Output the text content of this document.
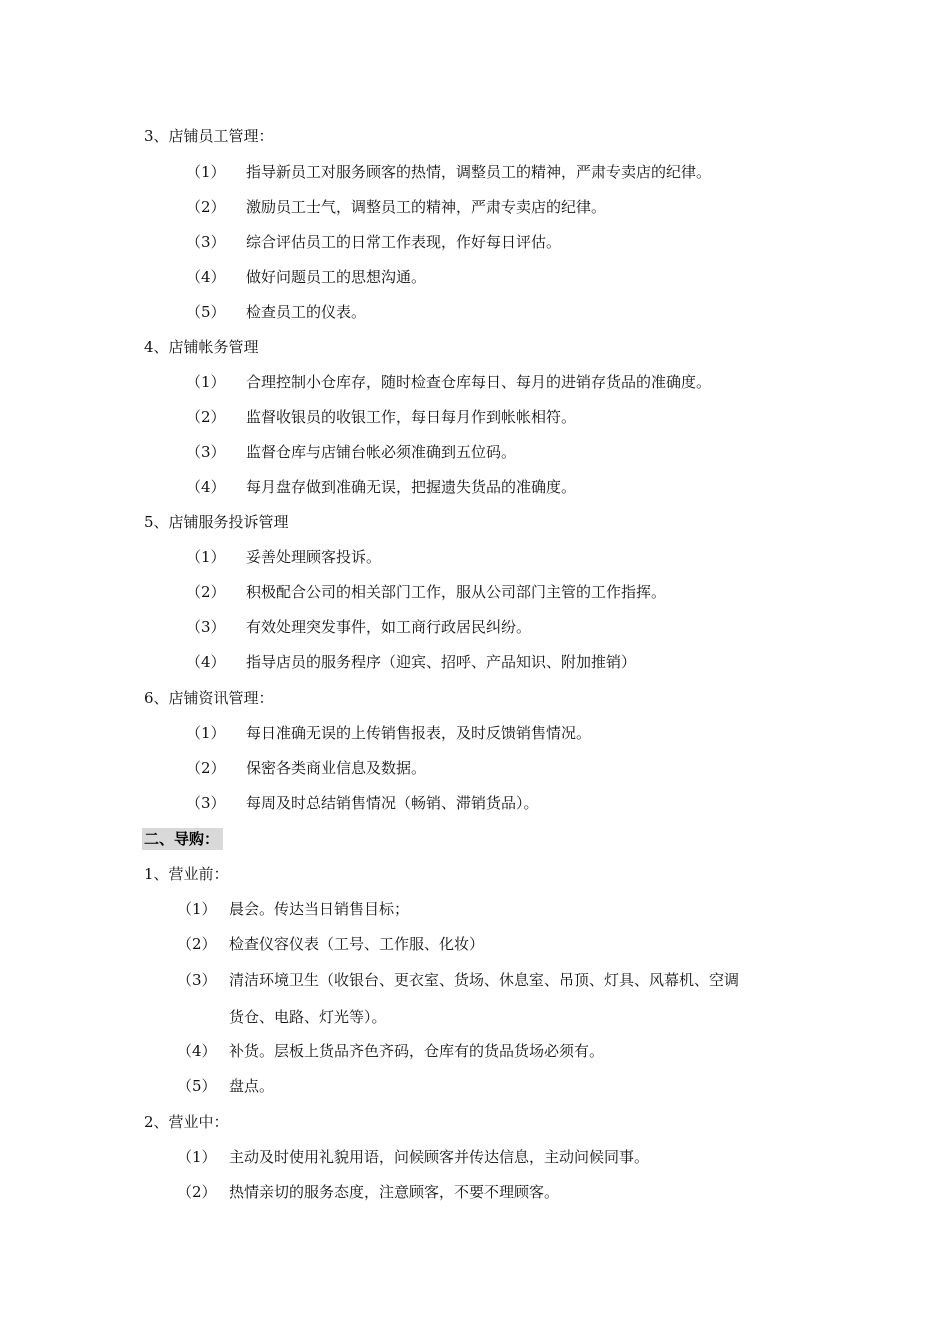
3、店铺员工管理：
（1） 指导新员工对服务顾客的热情，调整员工的精神，严肃专卖店的纪律。
（2） 激励员工士气，调整员工的精神，严肃专卖店的纪律。
（3） 综合评估员工的日常工作表现，作好每日评估。
（4） 做好问题员工的思想沟通。
（5） 检查员工的仪表。
4、店铺帐务管理
（1） 合理控制小仓库存，随时检查仓库每日、每月的进销存货品的准确度。
（2） 监督收银员的收银工作，每日每月作到帐帐相符。
（3） 监督仓库与店铺台帐必须准确到五位码。
（4） 每月盘存做到准确无误，把握遗失货品的准确度。
5、店铺服务投诉管理
（1） 妥善处理顾客投诉。
（2） 积极配合公司的相关部门工作，服从公司部门主管的工作指挥。
（3） 有效处理突发事件，如工商行政居民纠纷。
（4） 指导店员的服务程序（迎宾、招呼、产品知识、附加推销）
6、店铺资讯管理：
（1） 每日准确无误的上传销售报表，及时反馈销售情况。
（2） 保密各类商业信息及数据。
（3） 每周及时总结销售情况（畅销、滞销货品）。
二、导购：
1、营业前：
（1） 晨会。传达当日销售目标；
（2） 检查仪容仪表（工号、工作服、化妆）
（3） 清洁环境卫生（收银台、更衣室、货场、休息室、吊顶、灯具、风幕机、空调
货仓、电路、灯光等）。
（4） 补货。层板上货品齐色齐码，仓库有的货品货场必须有。
（5） 盘点。
2、营业中：
（1） 主动及时使用礼貌用语，问候顾客并传达信息，主动问候同事。
（2） 热情亲切的服务态度，注意顾客，不要不理顾客。
